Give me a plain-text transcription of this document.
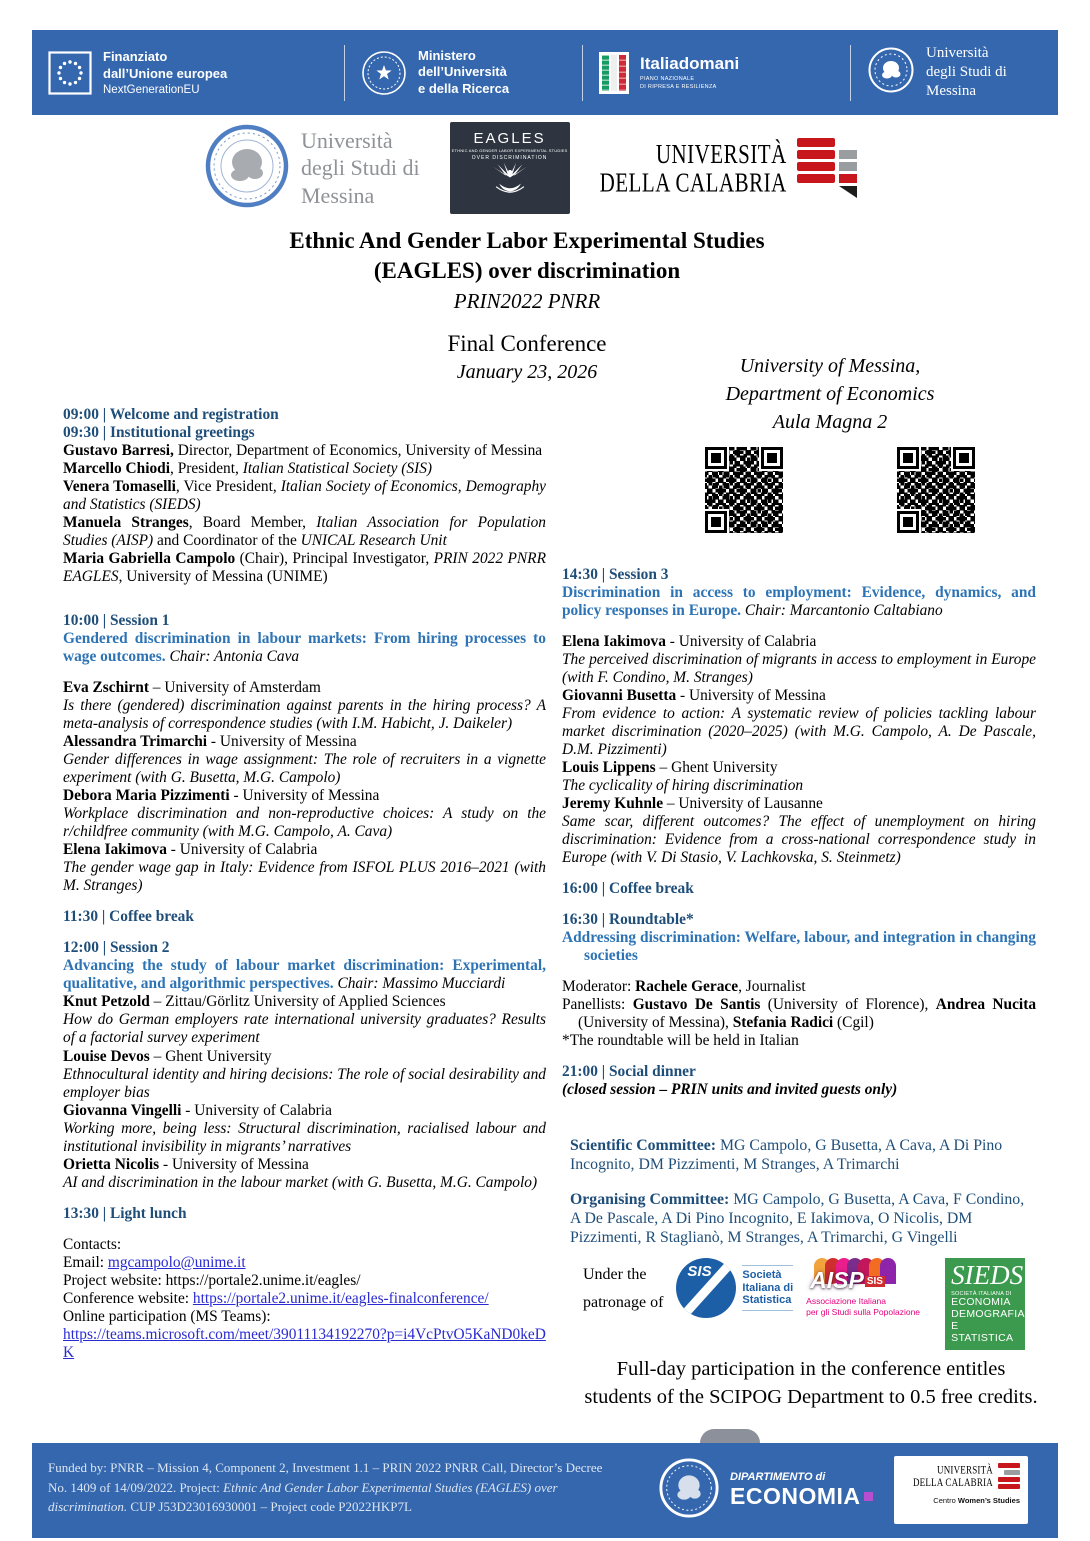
Finanziato
dall’Unione europea
NextGenerationEU
Ministero
dell’Università
e della Ricerca
Italiadomani
PIANO NAZIONALE
DI RIPRESA E RESILIENZA
Università
degli Studi di
Messina
Università
degli Studi di
Messina
EAGLES
ETHNIC AND GENDER LABOR EXPERIMENTAL STUDIES
OVER DISCRIMINATION	UNIVERSITÀ
DELLA CALABRIA
Ethnic And Gender Labor Experimental Studies
(EAGLES) over discrimination
PRIN2022 PNRR
Final Conference
January 23, 2026	University of Messina,
Department of Economics
Aula Magna 2
09:00 | Welcome and registration
09:30 | Institutional greetings
Gustavo Barresi, Director, Department of Economics, University of Messina
Marcello Chiodi, President, Italian Statistical Society (SIS)
Venera Tomaselli, Vice President, Italian Society of Economics, Demography and Statistics (SIEDS)
Manuela Stranges, Board Member, Italian Association for Population Studies (AISP) and Coordinator of the UNICAL Research Unit
Maria Gabriella Campolo (Chair), Principal Investigator, PRIN 2022 PNRR EAGLES, University of Messina (UNIME)
10:00 | Session 1
Gendered discrimination in labour markets: From hiring processes to wage outcomes. Chair: Antonia Cava
Eva Zschirnt – University of Amsterdam
Is there (gendered) discrimination against parents in the hiring process? A meta-analysis of correspondence studies (with I.M. Habicht, J. Daikeler)
Alessandra Trimarchi - University of Messina
Gender differences in wage assignment: The role of recruiters in a vignette experiment (with G. Busetta, M.G. Campolo)
Debora Maria Pizzimenti - University of Messina
Workplace discrimination and non-reproductive choices: A study on the r/childfree community (with M.G. Campolo, A. Cava)
Elena Iakimova - University of Calabria
The gender wage gap in Italy: Evidence from ISFOL PLUS 2016–2021 (with M. Stranges)
11:30 | Coffee break
12:00 | Session 2
Advancing the study of labour market discrimination: Experimental, qualitative, and algorithmic perspectives. Chair: Massimo Mucciardi
Knut Petzold – Zittau/Görlitz University of Applied Sciences
How do German employers rate international university graduates? Results of a factorial survey experiment
Louise Devos – Ghent University
Ethnocultural identity and hiring decisions: The role of social desirability and employer bias
Giovanna Vingelli - University of Calabria
Working more, being less: Structural discrimination, racialised labour and institutional invisibility in migrants’ narratives
Orietta Nicolis - University of Messina
AI and discrimination in the labour market (with G. Busetta, M.G. Campolo)
13:30 | Light lunch
Contacts:
Email: mgcampolo@unime.it
Project website: https://portale2.unime.it/eagles/
Conference website: https://portale2.unime.it/eagles-finalconference/
Online participation (MS Teams):
https://teams.microsoft.com/meet/39011134192270?p=i4VcPtvO5KaND0keDK
14:30 | Session 3
Discrimination in access to employment: Evidence, dynamics, and policy responses in Europe. Chair: Marcantonio Caltabiano
Elena Iakimova - University of Calabria
The perceived discrimination of migrants in access to employment in Europe (with F. Condino, M. Stranges)
Giovanni Busetta - University of Messina
From evidence to action: A systematic review of policies tackling labour market discrimination (2020–2025) (with M.G. Campolo, A. De Pascale, D.M. Pizzimenti)
Louis Lippens – Ghent University
The cyclicality of hiring discrimination
Jeremy Kuhnle – University of Lausanne
Same scar, different outcomes? The effect of unemployment on hiring discrimination: Evidence from a cross-national correspondence study in Europe (with V. Di Stasio, V. Lachkovska, S. Steinmetz)
16:00 | Coffee break
16:30 | Roundtable*
Addressing discrimination: Welfare, labour, and integration in changing societies
Moderator: Rachele Gerace, Journalist
Panellists: Gustavo De Santis (University of Florence), Andrea Nucita (University of Messina), Stefania Radici (Cgil)
*The roundtable will be held in Italian
21:00 | Social dinner
(closed session – PRIN units and invited guests only)
Scientific Committee: MG Campolo, G Busetta, A Cava, A Di Pino Incognito, DM Pizzimenti, M Stranges, A Trimarchi
Organising Committee: MG Campolo, G Busetta, A Cava, F Condino, A De Pascale, A Di Pino Incognito, E Iakimova, O Nicolis, DM Pizzimenti, R Staglianò, M Stranges, A Trimarchi, G Vingelli
Under the
patronage of
SIS	Società
Italiana di
Statistica
AISP $^{SIS}$
Associazione Italiana
per gli Studi sulla Popolazione
SIEDS
SOCIETÀ ITALIANA DI
ECONOMIA
DEMOGRAFIA
E STATISTICA
Full-day participation in the conference entitles
students of the SCIPOG Department to 0.5 free credits.
Funded by: PNRR – Mission 4, Component 2, Investment 1.1 – PRIN 2022 PNRR Call, Director’s Decree No. 1409 of 14/09/2022. Project: Ethnic And Gender Labor Experimental Studies (EAGLES) over discrimination. CUP J53D23016930001 – Project code P2022HKP7L
DIPARTIMENTO di
ECONOMIA
UNIVERSITÀ
DELLA CALABRIA
Centro Women’s Studies
